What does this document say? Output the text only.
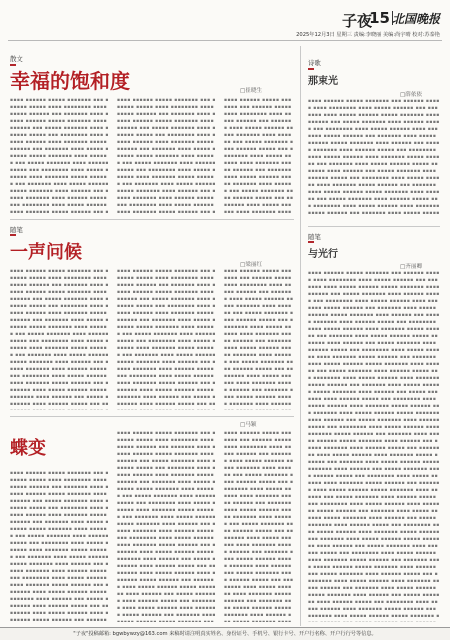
子夜
15 北国晚报
2025年12月3日 星期三 责编:李晓丽 美编:尚宇晴 校对:苏泰艳
散文
幸福的饱和度	□崔晓生
▪▪▪▪ ▪▪▪▪▪▪ ▪▪▪▪▪ ▪▪▪▪▪▪▪ ▪▪▪ ▪▪▪▪▪▪ ▪▪▪▪▪ ▪▪▪▪ ▪▪▪▪▪▪▪▪ ▪▪▪▪ ▪▪▪▪▪ ▪▪▪▪▪▪ ▪▪▪ ▪▪▪▪▪▪▪ ▪▪▪▪ ▪▪▪▪▪ ▪▪▪▪▪▪ ▪▪▪▪▪ ▪▪▪▪▪▪▪ ▪▪▪▪ ▪▪▪▪▪▪ ▪▪▪ ▪▪▪▪▪ ▪▪▪▪▪▪▪ ▪▪▪▪ ▪▪▪▪▪▪ ▪▪▪▪▪ ▪▪▪ ▪▪▪▪▪▪▪▪ ▪▪▪▪ ▪▪▪▪▪ ▪▪▪▪▪▪ ▪▪▪▪ ▪▪▪▪▪▪▪ ▪▪▪▪▪ ▪▪▪▪▪▪ ▪▪▪ ▪▪▪▪▪▪▪ ▪▪▪▪ ▪▪▪▪▪ ▪▪▪▪▪▪ ▪▪▪▪▪ ▪▪▪▪▪▪▪ ▪▪▪▪ ▪▪▪▪▪▪ ▪▪▪ ▪▪▪▪▪ ▪▪▪▪▪▪▪ ▪▪▪▪ ▪▪▪▪▪▪ ▪▪▪▪▪ ▪▪▪ ▪▪▪▪▪▪▪▪ ▪▪▪▪ ▪▪▪▪▪ ▪▪▪▪▪▪ ▪▪▪▪ ▪▪▪▪▪▪▪ ▪▪▪▪▪ ▪▪▪▪▪▪ ▪▪▪ ▪▪▪▪▪▪▪ ▪▪▪▪ ▪▪▪▪▪ ▪▪▪▪▪▪ ▪▪▪▪▪ ▪▪▪▪▪▪▪ ▪▪▪▪ ▪▪▪▪▪▪ ▪▪▪ ▪▪▪▪▪ ▪▪▪▪▪▪▪ ▪▪▪▪ ▪▪▪▪▪▪ ▪▪▪▪▪ ▪▪▪ ▪▪▪▪▪▪▪▪ ▪▪▪▪ ▪▪▪▪▪ ▪▪▪▪▪▪ ▪▪▪▪ ▪▪▪▪▪▪▪ ▪▪▪▪▪ ▪▪▪▪▪▪ ▪▪▪ ▪
▪▪▪▪ ▪▪▪▪▪▪ ▪▪▪▪▪ ▪▪▪▪▪▪▪ ▪▪▪ ▪▪▪▪▪▪ ▪▪▪▪▪ ▪▪▪▪ ▪▪▪▪▪▪▪▪ ▪▪▪▪ ▪▪▪▪▪ ▪▪▪▪▪▪ ▪▪▪ ▪▪▪▪▪▪▪ ▪▪▪▪ ▪▪▪▪▪ ▪▪▪▪▪▪ ▪▪▪▪▪ ▪▪▪▪▪▪▪ ▪▪▪▪ ▪▪▪▪▪▪ ▪▪▪ ▪▪▪▪▪ ▪▪▪▪▪▪▪ ▪▪▪▪ ▪▪▪▪▪▪ ▪▪▪▪▪ ▪▪▪ ▪▪▪▪▪▪▪▪ ▪▪▪▪ ▪▪▪▪▪ ▪▪▪▪▪▪ ▪▪▪▪ ▪▪▪▪▪▪▪ ▪▪▪▪▪ ▪▪▪▪▪▪ ▪▪▪ ▪▪▪▪▪▪▪ ▪▪▪▪ ▪▪▪▪▪ ▪▪▪▪▪▪ ▪▪▪▪▪ ▪▪▪▪▪▪▪ ▪▪▪▪ ▪▪▪▪▪▪ ▪▪▪ ▪▪▪▪▪ ▪▪▪▪▪▪▪ ▪▪▪▪ ▪▪▪▪▪▪ ▪▪▪▪▪ ▪▪▪ ▪▪▪▪▪▪▪▪ ▪▪▪▪ ▪▪▪▪▪ ▪▪▪▪▪▪ ▪▪▪▪ ▪▪▪▪▪▪▪ ▪▪▪▪▪ ▪▪▪▪▪▪ ▪▪▪ ▪▪▪▪▪▪▪ ▪▪▪▪ ▪▪▪▪▪ ▪▪▪▪▪▪ ▪▪▪▪▪ ▪▪▪▪▪▪▪ ▪▪▪▪ ▪▪▪▪▪▪ ▪▪▪ ▪▪▪▪▪ ▪▪▪▪▪▪▪ ▪▪▪▪ ▪▪▪▪▪▪ ▪▪▪▪▪ ▪▪▪ ▪▪▪▪▪▪▪▪ ▪▪▪▪ ▪▪▪▪▪ ▪▪▪▪▪▪ ▪▪▪▪ ▪▪▪▪▪▪▪ ▪▪▪▪▪ ▪▪▪▪▪▪ ▪▪▪ ▪
▪▪▪▪ ▪▪▪▪▪▪ ▪▪▪▪▪ ▪▪▪▪▪▪▪ ▪▪▪ ▪▪▪▪▪▪ ▪▪▪▪▪ ▪▪▪▪ ▪▪▪▪▪▪▪▪ ▪▪▪▪ ▪▪▪▪▪ ▪▪▪▪▪▪ ▪▪▪ ▪▪▪▪▪▪▪ ▪▪▪▪ ▪▪▪▪▪ ▪▪▪▪▪▪ ▪▪▪▪▪ ▪▪▪▪▪▪▪ ▪▪▪▪ ▪▪▪▪▪▪ ▪▪▪ ▪▪▪▪▪ ▪▪▪▪▪▪▪ ▪▪▪▪ ▪▪▪▪▪▪ ▪▪▪▪▪ ▪▪▪ ▪▪▪▪▪▪▪▪ ▪▪▪▪ ▪▪▪▪▪ ▪▪▪▪▪▪ ▪▪▪▪ ▪▪▪▪▪▪▪ ▪▪▪▪▪ ▪▪▪▪▪▪ ▪▪▪ ▪▪▪▪▪▪▪ ▪▪▪▪ ▪▪▪▪▪ ▪▪▪▪▪▪ ▪▪▪▪▪ ▪▪▪▪▪▪▪ ▪▪▪▪ ▪▪▪▪▪▪ ▪▪▪ ▪▪▪▪▪ ▪▪▪▪▪▪▪ ▪▪▪▪ ▪▪▪▪▪▪ ▪▪▪▪▪ ▪▪▪ ▪▪▪▪▪▪▪▪ ▪▪▪▪ ▪▪▪▪▪ ▪▪▪▪▪▪ ▪▪▪▪ ▪▪▪▪▪▪▪ ▪▪▪▪
随笔
一声问候
□梁丽红
▪▪▪▪ ▪▪▪▪▪▪ ▪▪▪▪▪ ▪▪▪▪▪▪▪ ▪▪▪ ▪▪▪▪▪▪ ▪▪▪▪▪ ▪▪▪▪ ▪▪▪▪▪▪▪▪ ▪▪▪▪ ▪▪▪▪▪ ▪▪▪▪▪▪ ▪▪▪ ▪▪▪▪▪▪▪ ▪▪▪▪ ▪▪▪▪▪ ▪▪▪▪▪▪ ▪▪▪▪▪ ▪▪▪▪▪▪▪ ▪▪▪▪ ▪▪▪▪▪▪ ▪▪▪ ▪▪▪▪▪ ▪▪▪▪▪▪▪ ▪▪▪▪ ▪▪▪▪▪▪ ▪▪▪▪▪ ▪▪▪ ▪▪▪▪▪▪▪▪ ▪▪▪▪ ▪▪▪▪▪ ▪▪▪▪▪▪ ▪▪▪▪ ▪▪▪▪▪▪▪ ▪▪▪▪▪ ▪▪▪▪▪▪ ▪▪▪ ▪▪▪▪▪▪▪ ▪▪▪▪ ▪▪▪▪▪ ▪▪▪▪▪▪ ▪▪▪▪▪ ▪▪▪▪▪▪▪ ▪▪▪▪ ▪▪▪▪▪▪ ▪▪▪ ▪▪▪▪▪ ▪▪▪▪▪▪▪ ▪▪▪▪ ▪▪▪▪▪▪ ▪▪▪▪▪ ▪▪▪ ▪▪▪▪▪▪▪▪ ▪▪▪▪ ▪▪▪▪▪ ▪▪▪▪▪▪ ▪▪▪▪ ▪▪▪▪▪▪▪ ▪▪▪▪▪ ▪▪▪▪▪▪ ▪▪▪ ▪▪▪▪▪▪▪ ▪▪▪▪ ▪▪▪▪▪ ▪▪▪▪▪▪ ▪▪▪▪▪ ▪▪▪▪▪▪▪ ▪▪▪▪ ▪▪▪▪▪▪ ▪▪▪ ▪▪▪▪▪ ▪▪▪▪▪▪▪ ▪▪▪▪ ▪▪▪▪▪▪ ▪▪▪▪▪ ▪▪▪ ▪▪▪▪▪▪▪▪ ▪▪▪▪ ▪▪▪▪▪ ▪▪▪▪▪▪ ▪▪▪▪ ▪▪▪▪▪▪▪ ▪▪▪▪▪ ▪▪▪▪▪▪ ▪▪▪ ▪▪▪▪▪▪▪ ▪▪▪▪ ▪▪▪▪▪ ▪▪▪▪▪▪ ▪▪▪▪▪ ▪▪▪▪▪▪▪ ▪▪▪▪ ▪▪▪▪▪▪ ▪▪▪ ▪▪▪▪▪ ▪▪▪▪▪▪▪ ▪▪▪▪ ▪▪▪▪▪▪ ▪▪▪▪▪ ▪▪▪ ▪▪
▪▪▪▪ ▪▪▪▪▪▪ ▪▪▪▪▪ ▪▪▪▪▪▪▪ ▪▪▪ ▪▪▪▪▪▪ ▪▪▪▪▪ ▪▪▪▪ ▪▪▪▪▪▪▪▪ ▪▪▪▪ ▪▪▪▪▪ ▪▪▪▪▪▪ ▪▪▪ ▪▪▪▪▪▪▪ ▪▪▪▪ ▪▪▪▪▪ ▪▪▪▪▪▪ ▪▪▪▪▪ ▪▪▪▪▪▪▪ ▪▪▪▪ ▪▪▪▪▪▪ ▪▪▪ ▪▪▪▪▪ ▪▪▪▪▪▪▪ ▪▪▪▪ ▪▪▪▪▪▪ ▪▪▪▪▪ ▪▪▪ ▪▪▪▪▪▪▪▪ ▪▪▪▪ ▪▪▪▪▪ ▪▪▪▪▪▪ ▪▪▪▪ ▪▪▪▪▪▪▪ ▪▪▪▪▪ ▪▪▪▪▪▪ ▪▪▪ ▪▪▪▪▪▪▪ ▪▪▪▪ ▪▪▪▪▪ ▪▪▪▪▪▪ ▪▪▪▪▪ ▪▪▪▪▪▪▪ ▪▪▪▪ ▪▪▪▪▪▪ ▪▪▪ ▪▪▪▪▪ ▪▪▪▪▪▪▪ ▪▪▪▪ ▪▪▪▪▪▪ ▪▪▪▪▪ ▪▪▪ ▪▪▪▪▪▪▪▪ ▪▪▪▪ ▪▪▪▪▪ ▪▪▪▪▪▪ ▪▪▪▪ ▪▪▪▪▪▪▪ ▪▪▪▪▪ ▪▪▪▪▪▪ ▪▪▪ ▪▪▪▪▪▪▪ ▪▪▪▪ ▪▪▪▪▪ ▪▪▪▪▪▪ ▪▪▪▪▪ ▪▪▪▪▪▪▪ ▪▪▪▪ ▪▪▪▪▪▪ ▪▪▪ ▪▪▪▪▪ ▪▪▪▪▪▪▪ ▪▪▪▪ ▪▪▪▪▪▪ ▪▪▪▪▪ ▪▪▪ ▪▪▪▪▪▪▪▪ ▪▪▪▪ ▪▪▪▪▪ ▪▪▪▪▪▪ ▪▪▪▪ ▪▪▪▪▪▪▪ ▪▪▪▪▪ ▪▪▪▪▪▪ ▪▪▪ ▪▪▪▪▪▪▪ ▪▪▪▪ ▪▪▪▪▪ ▪▪▪▪▪▪ ▪▪▪▪▪ ▪▪▪▪▪▪▪ ▪▪▪▪ ▪▪▪▪▪▪ ▪▪▪ ▪▪▪▪▪ ▪▪▪▪▪▪▪ ▪▪▪▪ ▪▪▪▪▪▪ ▪▪▪▪▪ ▪▪▪ ▪▪
▪▪▪▪ ▪▪▪▪▪▪ ▪▪▪▪▪ ▪▪▪▪▪▪▪ ▪▪▪ ▪▪▪▪▪▪ ▪▪▪▪▪ ▪▪▪▪ ▪▪▪▪▪▪▪▪ ▪▪▪▪ ▪▪▪▪▪ ▪▪▪▪▪▪ ▪▪▪ ▪▪▪▪▪▪▪ ▪▪▪▪ ▪▪▪▪▪ ▪▪▪▪▪▪ ▪▪▪▪▪ ▪▪▪▪▪▪▪ ▪▪▪▪ ▪▪▪▪▪▪ ▪▪▪ ▪▪▪▪▪ ▪▪▪▪▪▪▪ ▪▪▪▪ ▪▪▪▪▪▪ ▪▪▪▪▪ ▪▪▪ ▪▪▪▪▪▪▪▪ ▪▪▪▪ ▪▪▪▪▪ ▪▪▪▪▪▪ ▪▪▪▪ ▪▪▪▪▪▪▪ ▪▪▪▪▪ ▪▪▪▪▪▪ ▪▪▪ ▪▪▪▪▪▪▪ ▪▪▪▪ ▪▪▪▪▪ ▪▪▪▪▪▪ ▪▪▪▪▪ ▪▪▪▪▪▪▪ ▪▪▪▪ ▪▪▪▪▪▪ ▪▪▪ ▪▪▪▪▪ ▪▪▪▪▪▪▪ ▪▪▪▪ ▪▪▪▪▪▪ ▪▪▪▪▪ ▪▪▪ ▪▪▪▪▪▪▪▪ ▪▪▪▪ ▪▪▪▪▪ ▪▪▪▪▪▪ ▪▪▪▪ ▪▪▪▪▪▪▪ ▪▪▪▪▪ ▪▪▪▪▪▪ ▪▪▪ ▪▪▪▪▪▪▪ ▪▪▪▪ ▪▪▪▪▪ ▪▪▪▪▪▪ ▪▪▪▪▪ ▪▪▪▪▪▪▪ ▪▪▪▪ ▪▪▪▪▪▪
蝶变
□马颖
▪▪▪▪ ▪▪▪▪▪▪ ▪▪▪▪▪ ▪▪▪▪▪▪▪ ▪▪▪ ▪▪▪▪▪▪ ▪▪▪▪▪ ▪▪▪▪ ▪▪▪▪▪▪▪▪ ▪▪▪▪ ▪▪▪▪▪ ▪▪▪▪▪▪ ▪▪▪ ▪▪▪▪▪▪▪ ▪▪▪▪ ▪▪▪▪▪ ▪▪▪▪▪▪ ▪▪▪▪▪ ▪▪▪▪▪▪▪ ▪▪▪▪ ▪▪▪▪▪▪ ▪▪▪ ▪▪▪▪▪ ▪▪▪▪▪▪▪ ▪▪▪▪ ▪▪▪▪▪▪ ▪▪▪▪▪ ▪▪▪ ▪▪▪▪▪▪▪▪ ▪▪▪▪ ▪▪▪▪▪ ▪▪▪▪▪▪ ▪▪▪▪ ▪▪▪▪▪▪▪ ▪▪▪▪▪ ▪▪▪▪▪▪ ▪▪▪ ▪▪▪▪▪▪▪ ▪▪▪▪ ▪▪▪▪▪ ▪▪▪▪▪▪ ▪▪▪▪▪ ▪▪▪▪▪▪▪ ▪▪▪▪ ▪▪▪▪▪▪ ▪▪▪ ▪▪▪▪▪ ▪▪▪▪▪▪▪ ▪▪▪▪ ▪▪▪▪▪▪ ▪▪▪▪▪ ▪▪▪ ▪▪▪▪▪▪▪▪ ▪▪▪▪ ▪▪▪▪▪ ▪▪▪▪▪▪ ▪▪▪▪ ▪▪▪▪▪▪▪ ▪▪▪▪▪ ▪▪▪▪▪▪ ▪▪▪ ▪▪▪▪▪▪▪ ▪▪▪▪ ▪▪▪▪▪ ▪▪▪▪▪▪ ▪▪▪▪▪ ▪▪▪▪▪▪▪ ▪▪▪▪ ▪▪▪▪▪▪ ▪▪▪ ▪▪▪▪▪ ▪▪▪▪▪▪▪ ▪▪▪▪ ▪▪▪▪▪▪ ▪▪▪▪▪ ▪▪▪ ▪▪▪▪▪▪▪▪ ▪▪▪▪ ▪▪▪▪▪ ▪▪▪▪▪▪ ▪▪▪▪ ▪▪▪▪▪▪▪ ▪▪▪▪▪ ▪▪▪▪▪▪ ▪▪▪ ▪▪▪▪▪▪▪ ▪▪▪▪ ▪▪▪▪▪ ▪▪▪▪▪▪ ▪▪▪▪▪ ▪▪▪▪▪▪▪ ▪▪▪▪ ▪▪▪▪▪▪ ▪▪▪ ▪▪▪▪▪ ▪▪▪▪▪▪▪ ▪▪▪▪ ▪▪▪▪▪▪ ▪▪▪▪▪ ▪▪▪ ▪▪▪▪▪▪▪▪ ▪▪▪▪ ▪▪▪▪▪ ▪▪▪▪▪▪ ▪▪▪▪ ▪▪▪▪▪▪▪ ▪▪▪▪▪ ▪▪▪▪▪▪ ▪▪▪ ▪▪▪▪▪▪
▪▪▪▪ ▪▪▪▪▪▪ ▪▪▪▪▪ ▪▪▪▪▪▪▪ ▪▪▪ ▪▪▪▪▪▪ ▪▪▪▪▪ ▪▪▪▪ ▪▪▪▪▪▪▪▪ ▪▪▪▪ ▪▪▪▪▪ ▪▪▪▪▪▪ ▪▪▪ ▪▪▪▪▪▪▪ ▪▪▪▪ ▪▪▪▪▪ ▪▪▪▪▪▪ ▪▪▪▪▪ ▪▪▪▪▪▪▪ ▪▪▪▪ ▪▪▪▪▪▪ ▪▪▪ ▪▪▪▪▪ ▪▪▪▪▪▪▪ ▪▪▪▪ ▪▪▪▪▪▪ ▪▪▪▪▪ ▪▪▪ ▪▪▪▪▪▪▪▪ ▪▪▪▪ ▪▪▪▪▪ ▪▪▪▪▪▪ ▪▪▪▪ ▪▪▪▪▪▪▪ ▪▪▪▪▪ ▪▪▪▪▪▪ ▪▪▪ ▪▪▪▪▪▪▪ ▪▪▪▪ ▪▪▪▪▪ ▪▪▪▪▪▪ ▪▪▪▪▪ ▪▪▪▪▪▪▪ ▪▪▪▪ ▪▪▪▪▪▪ ▪▪▪ ▪▪▪▪▪ ▪▪▪▪▪▪▪ ▪▪▪▪ ▪▪▪▪▪▪ ▪▪▪▪▪ ▪▪▪ ▪▪▪▪▪▪▪▪ ▪▪▪▪ ▪▪▪▪▪ ▪▪▪▪▪▪ ▪▪▪▪ ▪▪▪▪▪▪▪ ▪▪▪▪▪ ▪▪▪▪▪▪ ▪▪▪ ▪▪▪▪▪▪▪ ▪▪▪▪ ▪▪▪▪▪ ▪▪▪▪▪▪ ▪▪▪▪▪ ▪▪▪▪▪▪▪ ▪▪▪▪ ▪▪▪▪▪▪ ▪▪▪ ▪▪▪▪▪ ▪▪▪▪▪▪▪ ▪▪▪▪ ▪▪▪▪▪▪ ▪▪▪▪▪ ▪▪▪ ▪▪▪▪▪▪▪▪ ▪▪▪▪ ▪▪▪▪▪ ▪▪▪▪▪▪ ▪▪▪▪ ▪▪▪▪▪▪▪ ▪▪▪▪▪ ▪▪▪▪▪▪ ▪▪▪ ▪▪▪▪▪▪▪ ▪▪▪▪ ▪▪▪▪▪ ▪▪▪▪▪▪ ▪▪▪▪▪ ▪▪▪▪▪▪▪ ▪▪▪▪ ▪▪▪▪▪▪ ▪▪▪ ▪▪▪▪▪ ▪▪▪▪▪▪▪ ▪▪▪▪ ▪▪▪▪▪▪ ▪▪▪▪▪ ▪▪▪ ▪▪▪▪▪▪▪▪ ▪▪▪▪ ▪▪▪▪▪ ▪▪▪▪▪▪ ▪▪▪▪ ▪▪▪▪▪▪▪ ▪▪▪▪▪ ▪▪▪▪▪▪ ▪▪▪ ▪▪▪▪▪▪▪ ▪▪▪▪ ▪▪▪▪▪ ▪▪▪▪▪▪ ▪▪▪▪▪ ▪▪▪▪▪▪▪ ▪▪▪▪ ▪▪▪▪▪▪ ▪▪▪ ▪▪▪▪▪ ▪▪▪▪▪▪▪ ▪▪▪▪ ▪▪▪▪▪▪ ▪▪▪▪▪ ▪▪▪ ▪▪▪▪▪▪▪▪ ▪▪▪▪ ▪▪▪▪▪ ▪▪▪▪▪▪ ▪▪▪▪ ▪▪▪▪▪▪▪ ▪▪▪▪▪ ▪▪▪▪▪▪ ▪▪▪ ▪▪▪▪▪▪▪ ▪▪▪▪
▪▪▪▪ ▪▪▪▪▪▪ ▪▪▪▪▪ ▪▪▪▪▪▪▪ ▪▪▪ ▪▪▪▪▪▪ ▪▪▪▪▪ ▪▪▪▪ ▪▪▪▪▪▪▪▪ ▪▪▪▪ ▪▪▪▪▪ ▪▪▪▪▪▪ ▪▪▪ ▪▪▪▪▪▪▪ ▪▪▪▪ ▪▪▪▪▪ ▪▪▪▪▪▪ ▪▪▪▪▪ ▪▪▪▪▪▪▪ ▪▪▪▪ ▪▪▪▪▪▪ ▪▪▪ ▪▪▪▪▪ ▪▪▪▪▪▪▪ ▪▪▪▪ ▪▪▪▪▪▪ ▪▪▪▪▪ ▪▪▪ ▪▪▪▪▪▪▪▪ ▪▪▪▪ ▪▪▪▪▪ ▪▪▪▪▪▪ ▪▪▪▪ ▪▪▪▪▪▪▪ ▪▪▪▪▪ ▪▪▪▪▪▪ ▪▪▪ ▪▪▪▪▪▪▪ ▪▪▪▪ ▪▪▪▪▪ ▪▪▪▪▪▪ ▪▪▪▪▪ ▪▪▪▪▪▪▪ ▪▪▪▪ ▪▪▪▪▪▪ ▪▪▪ ▪▪▪▪▪ ▪▪▪▪▪▪▪ ▪▪▪▪ ▪▪▪▪▪▪ ▪▪▪▪▪ ▪▪▪ ▪▪▪▪▪▪▪▪ ▪▪▪▪ ▪▪▪▪▪ ▪▪▪▪▪▪ ▪▪▪▪ ▪▪▪▪▪▪▪ ▪▪▪▪▪ ▪▪▪▪▪▪ ▪▪▪ ▪▪▪▪▪▪▪ ▪▪▪▪ ▪▪▪▪▪ ▪▪▪▪▪▪ ▪▪▪▪▪ ▪▪▪▪▪▪▪ ▪▪▪▪ ▪▪▪▪▪▪ ▪▪▪ ▪▪▪▪▪ ▪▪▪▪▪▪▪ ▪▪▪▪ ▪▪▪▪▪▪ ▪▪▪▪▪ ▪▪▪ ▪▪▪▪▪▪▪▪ ▪▪▪▪ ▪▪▪▪▪ ▪▪▪▪▪▪ ▪▪▪▪ ▪▪▪▪▪▪▪ ▪▪▪▪▪ ▪▪▪▪▪▪ ▪▪▪ ▪▪▪▪▪▪▪ ▪▪▪▪ ▪▪▪▪▪ ▪▪▪▪▪▪ ▪▪▪▪▪ ▪▪▪▪▪▪▪ ▪▪▪▪ ▪▪▪▪▪▪ ▪
诗歌
那束光
□薛依依
▪▪▪▪ ▪▪▪▪▪▪ ▪▪▪▪▪ ▪▪▪▪▪▪▪ ▪▪▪ ▪▪▪▪▪▪ ▪▪▪▪▪ ▪▪▪▪ ▪▪▪▪▪▪▪▪ ▪▪▪▪ ▪▪▪▪▪ ▪▪▪▪▪▪ ▪▪▪ ▪▪▪▪▪▪▪ ▪▪▪▪ ▪▪▪▪▪ ▪▪▪▪▪▪ ▪▪▪▪▪ ▪▪▪▪▪▪▪ ▪▪▪▪ ▪▪▪▪▪▪ ▪▪▪ ▪▪▪▪▪ ▪▪▪▪▪▪▪ ▪▪▪▪ ▪▪▪▪▪▪ ▪▪▪▪▪ ▪▪▪ ▪▪▪▪▪▪▪▪ ▪▪▪▪ ▪▪▪▪▪ ▪▪▪▪▪▪ ▪▪▪▪ ▪▪▪▪▪▪▪ ▪▪▪▪▪ ▪▪▪▪▪▪ ▪▪▪ ▪▪▪▪▪▪▪ ▪▪▪▪ ▪▪▪▪▪ ▪▪▪▪▪▪ ▪▪▪▪▪ ▪▪▪▪▪▪▪ ▪▪▪▪ ▪▪▪▪▪▪ ▪▪▪ ▪▪▪▪▪ ▪▪▪▪▪▪▪ ▪▪▪▪ ▪▪▪▪▪▪ ▪▪▪▪▪ ▪▪▪ ▪▪▪▪▪▪▪▪ ▪▪▪▪ ▪▪▪▪▪ ▪▪▪▪▪▪ ▪▪▪▪ ▪▪▪▪▪▪▪ ▪▪▪▪▪ ▪▪▪▪▪▪ ▪▪▪ ▪▪▪▪▪▪▪ ▪▪▪▪ ▪▪▪▪▪ ▪▪▪▪▪▪ ▪▪▪▪▪ ▪▪▪▪▪▪▪ ▪▪▪▪ ▪▪▪▪▪▪ ▪▪▪ ▪▪▪▪▪ ▪▪▪▪▪▪▪ ▪▪▪▪ ▪▪▪▪▪▪ ▪▪▪▪▪ ▪▪▪ ▪▪▪▪▪▪▪▪ ▪▪▪▪ ▪▪▪▪▪ ▪▪▪▪▪▪ ▪▪▪▪ ▪▪▪▪▪▪▪ ▪▪▪▪▪ ▪▪▪▪▪▪ ▪▪▪ ▪▪▪▪▪▪▪ ▪▪▪▪ ▪▪▪▪▪ ▪▪▪▪▪▪ ▪▪▪▪▪ ▪▪▪▪▪▪▪ ▪▪▪▪ ▪▪▪▪▪▪ ▪▪▪ ▪▪▪▪▪ ▪▪▪▪▪▪▪ ▪▪▪▪ ▪▪▪▪▪▪ ▪▪▪▪▪ ▪▪▪ ▪▪▪▪▪▪▪▪ ▪▪▪▪ ▪▪▪▪▪ ▪▪▪▪▪▪ ▪▪▪▪ ▪▪▪▪▪▪▪ ▪▪▪▪▪ ▪▪▪▪▪▪ ▪▪▪ ▪▪▪▪▪▪▪ ▪▪▪▪ ▪▪▪▪▪ ▪▪▪▪▪
随笔
与光行
□齐丽卿
▪▪▪▪ ▪▪▪▪▪▪ ▪▪▪▪▪ ▪▪▪▪▪▪▪ ▪▪▪ ▪▪▪▪▪▪ ▪▪▪▪▪ ▪▪▪▪ ▪▪▪▪▪▪▪▪ ▪▪▪▪ ▪▪▪▪▪ ▪▪▪▪▪▪ ▪▪▪ ▪▪▪▪▪▪▪ ▪▪▪▪ ▪▪▪▪▪ ▪▪▪▪▪▪ ▪▪▪▪▪ ▪▪▪▪▪▪▪ ▪▪▪▪ ▪▪▪▪▪▪ ▪▪▪ ▪▪▪▪▪ ▪▪▪▪▪▪▪ ▪▪▪▪ ▪▪▪▪▪▪ ▪▪▪▪▪ ▪▪▪ ▪▪▪▪▪▪▪▪ ▪▪▪▪ ▪▪▪▪▪ ▪▪▪▪▪▪ ▪▪▪▪ ▪▪▪▪▪▪▪ ▪▪▪▪▪ ▪▪▪▪▪▪ ▪▪▪ ▪▪▪▪▪▪▪ ▪▪▪▪ ▪▪▪▪▪ ▪▪▪▪▪▪ ▪▪▪▪▪ ▪▪▪▪▪▪▪ ▪▪▪▪ ▪▪▪▪▪▪ ▪▪▪ ▪▪▪▪▪ ▪▪▪▪▪▪▪ ▪▪▪▪ ▪▪▪▪▪▪ ▪▪▪▪▪ ▪▪▪ ▪▪▪▪▪▪▪▪ ▪▪▪▪ ▪▪▪▪▪ ▪▪▪▪▪▪ ▪▪▪▪ ▪▪▪▪▪▪▪ ▪▪▪▪▪ ▪▪▪▪▪▪ ▪▪▪ ▪▪▪▪▪▪▪ ▪▪▪▪ ▪▪▪▪▪ ▪▪▪▪▪▪ ▪▪▪▪▪ ▪▪▪▪▪▪▪ ▪▪▪▪ ▪▪▪▪▪▪ ▪▪▪ ▪▪▪▪▪ ▪▪▪▪▪▪▪ ▪▪▪▪ ▪▪▪▪▪▪ ▪▪▪▪▪ ▪▪▪ ▪▪▪▪▪▪▪▪ ▪▪▪▪ ▪▪▪▪▪ ▪▪▪▪▪▪ ▪▪▪▪ ▪▪▪▪▪▪▪ ▪▪▪▪▪ ▪▪▪▪▪▪ ▪▪▪ ▪▪▪▪▪▪▪ ▪▪▪▪ ▪▪▪▪▪ ▪▪▪▪▪▪ ▪▪▪▪▪ ▪▪▪▪▪▪▪ ▪▪▪▪ ▪▪▪▪▪▪ ▪▪▪ ▪▪▪▪▪ ▪▪▪▪▪▪▪ ▪▪▪▪ ▪▪▪▪▪▪ ▪▪▪▪▪ ▪▪▪ ▪▪▪▪▪▪▪▪ ▪▪▪▪ ▪▪▪▪▪ ▪▪▪▪▪▪ ▪▪▪▪ ▪▪▪▪▪▪▪ ▪▪▪▪▪ ▪▪▪▪▪▪ ▪▪▪ ▪▪▪▪▪▪▪ ▪▪▪▪ ▪▪▪▪▪ ▪▪▪▪▪▪ ▪▪▪▪▪ ▪▪▪▪▪▪▪ ▪▪▪▪ ▪▪▪▪▪▪ ▪▪▪ ▪▪▪▪▪ ▪▪▪▪▪▪▪ ▪▪▪▪ ▪▪▪▪▪▪ ▪▪▪▪▪ ▪▪▪ ▪▪▪▪▪▪▪▪ ▪▪▪▪ ▪▪▪▪▪ ▪▪▪▪▪▪ ▪▪▪▪ ▪▪▪▪▪▪▪ ▪▪▪▪▪ ▪▪▪▪▪▪ ▪▪▪ ▪▪▪▪▪▪▪ ▪▪▪▪ ▪▪▪▪▪ ▪▪▪▪▪▪ ▪▪▪▪▪ ▪▪▪▪▪▪▪ ▪▪▪▪ ▪▪▪▪▪▪ ▪▪▪ ▪▪▪▪▪ ▪▪▪▪▪▪▪ ▪▪▪▪ ▪▪▪▪▪▪ ▪▪▪▪▪ ▪▪▪ ▪▪▪▪▪▪▪▪ ▪▪▪▪ ▪▪▪▪▪ ▪▪▪▪▪▪ ▪▪▪▪ ▪▪▪▪▪▪▪ ▪▪▪▪▪ ▪▪▪▪▪▪ ▪▪▪ ▪▪▪▪▪▪▪ ▪▪▪▪ ▪▪▪▪▪ ▪▪▪▪▪▪ ▪▪▪▪▪ ▪▪▪▪▪▪▪ ▪▪▪▪ ▪▪▪▪▪▪ ▪▪▪ ▪▪▪▪▪ ▪▪▪▪▪▪▪ ▪▪▪▪ ▪▪▪▪▪▪ ▪▪▪▪▪ ▪▪▪ ▪▪▪▪▪▪▪▪ ▪▪▪▪ ▪▪▪▪▪ ▪▪▪▪▪▪ ▪▪▪▪ ▪▪▪▪▪▪▪ ▪▪▪▪▪ ▪▪▪▪▪▪ ▪▪▪ ▪▪▪▪▪▪▪ ▪▪▪▪ ▪▪▪▪▪ ▪▪▪▪▪▪ ▪▪▪▪▪ ▪▪▪▪▪▪▪ ▪▪▪▪ ▪▪▪▪▪▪ ▪▪▪ ▪▪▪▪▪ ▪▪▪▪▪▪▪ ▪▪▪▪ ▪▪▪▪▪▪ ▪▪▪▪▪ ▪▪▪ ▪▪▪▪▪▪▪▪ ▪▪▪▪ ▪▪▪▪▪ ▪▪▪▪▪▪ ▪▪▪▪ ▪▪▪▪▪▪▪ ▪▪▪▪▪ ▪▪▪▪▪▪ ▪▪▪ ▪▪▪▪▪▪▪ ▪▪▪▪ ▪▪▪▪▪ ▪▪▪▪▪▪ ▪▪▪▪▪ ▪▪▪▪▪▪▪ ▪▪▪▪ ▪▪▪▪▪▪ ▪▪▪ ▪▪▪▪▪ ▪▪▪▪▪▪▪ ▪▪▪▪ ▪▪▪▪▪▪ ▪▪▪▪▪ ▪▪▪ ▪▪▪▪▪▪▪▪ ▪▪▪▪ ▪▪▪▪▪ ▪▪▪▪▪▪ ▪▪▪▪ ▪▪▪▪▪▪▪ ▪▪▪▪▪ ▪▪▪▪▪▪ ▪▪▪ ▪▪▪▪▪▪▪ ▪▪▪▪ ▪▪▪▪▪ ▪▪▪▪▪▪ ▪▪▪▪▪ ▪▪▪▪▪▪▪ ▪▪▪▪ ▪▪▪▪▪▪ ▪▪▪ ▪▪▪▪▪ ▪▪▪▪▪▪▪ ▪▪▪▪ ▪▪▪▪▪▪ ▪▪▪▪▪ ▪▪▪ ▪▪▪▪▪▪▪▪ ▪▪▪▪ ▪▪▪▪▪ ▪▪▪▪▪▪ ▪▪▪▪ ▪▪▪▪▪▪▪ ▪▪▪▪▪ ▪▪▪▪▪▪ ▪▪▪ ▪▪▪▪▪▪▪ ▪▪▪▪ ▪▪▪▪▪ ▪▪▪▪▪▪ ▪▪▪▪▪ ▪▪▪▪▪▪▪ ▪▪▪▪ ▪▪▪▪▪▪ ▪▪▪ ▪▪▪▪▪ ▪▪▪▪▪▪▪ ▪▪▪▪ ▪▪▪▪▪▪ ▪▪▪▪▪ ▪▪▪ ▪▪▪▪▪▪▪▪ ▪▪▪▪ ▪▪▪▪▪ ▪▪▪▪▪▪ ▪▪▪▪ ▪▪▪▪▪▪▪ ▪▪▪▪▪ ▪▪▪▪▪▪ ▪▪▪ ▪▪▪▪▪▪▪ ▪▪▪▪ ▪▪▪▪▪ ▪▪▪▪▪▪ ▪▪▪▪▪ ▪▪▪▪▪▪▪ ▪▪▪▪ ▪▪▪▪▪▪ ▪▪▪ ▪▪▪▪▪ ▪▪▪▪▪▪▪ ▪▪▪▪ ▪▪▪▪▪▪ ▪▪▪▪▪ ▪▪▪ ▪▪▪▪▪▪▪▪ ▪▪▪▪ ▪▪▪▪▪ ▪▪▪▪▪▪ ▪▪▪▪ ▪▪▪▪▪▪▪ ▪▪▪▪▪ ▪▪▪▪▪▪ ▪▪▪ ▪▪▪▪▪▪▪ ▪▪▪▪ ▪▪▪▪▪ ▪▪▪▪▪▪ ▪▪▪▪▪ ▪▪▪▪▪▪▪ ▪▪▪▪ ▪▪▪▪▪▪ ▪▪▪ ▪▪▪▪▪ ▪▪▪▪▪▪▪ ▪▪▪▪ ▪▪▪▪▪▪ ▪▪▪▪▪ ▪▪▪ ▪▪▪▪▪▪▪▪ ▪▪▪▪ ▪▪▪▪▪ ▪▪▪▪▪▪ ▪▪▪▪ ▪▪▪▪▪▪▪ ▪▪▪▪▪ ▪▪▪▪▪▪ ▪▪▪ ▪▪▪▪▪▪▪ ▪▪▪▪ ▪▪▪▪▪ ▪▪▪▪▪▪ ▪▪▪▪▪ ▪▪▪▪▪▪▪ ▪
"子夜"投稿邮箱: bgwbywzy@163.com 来稿时请注明真实姓名、身份证号、手机号、银行卡号、开户行名称、开户行行号等信息。
